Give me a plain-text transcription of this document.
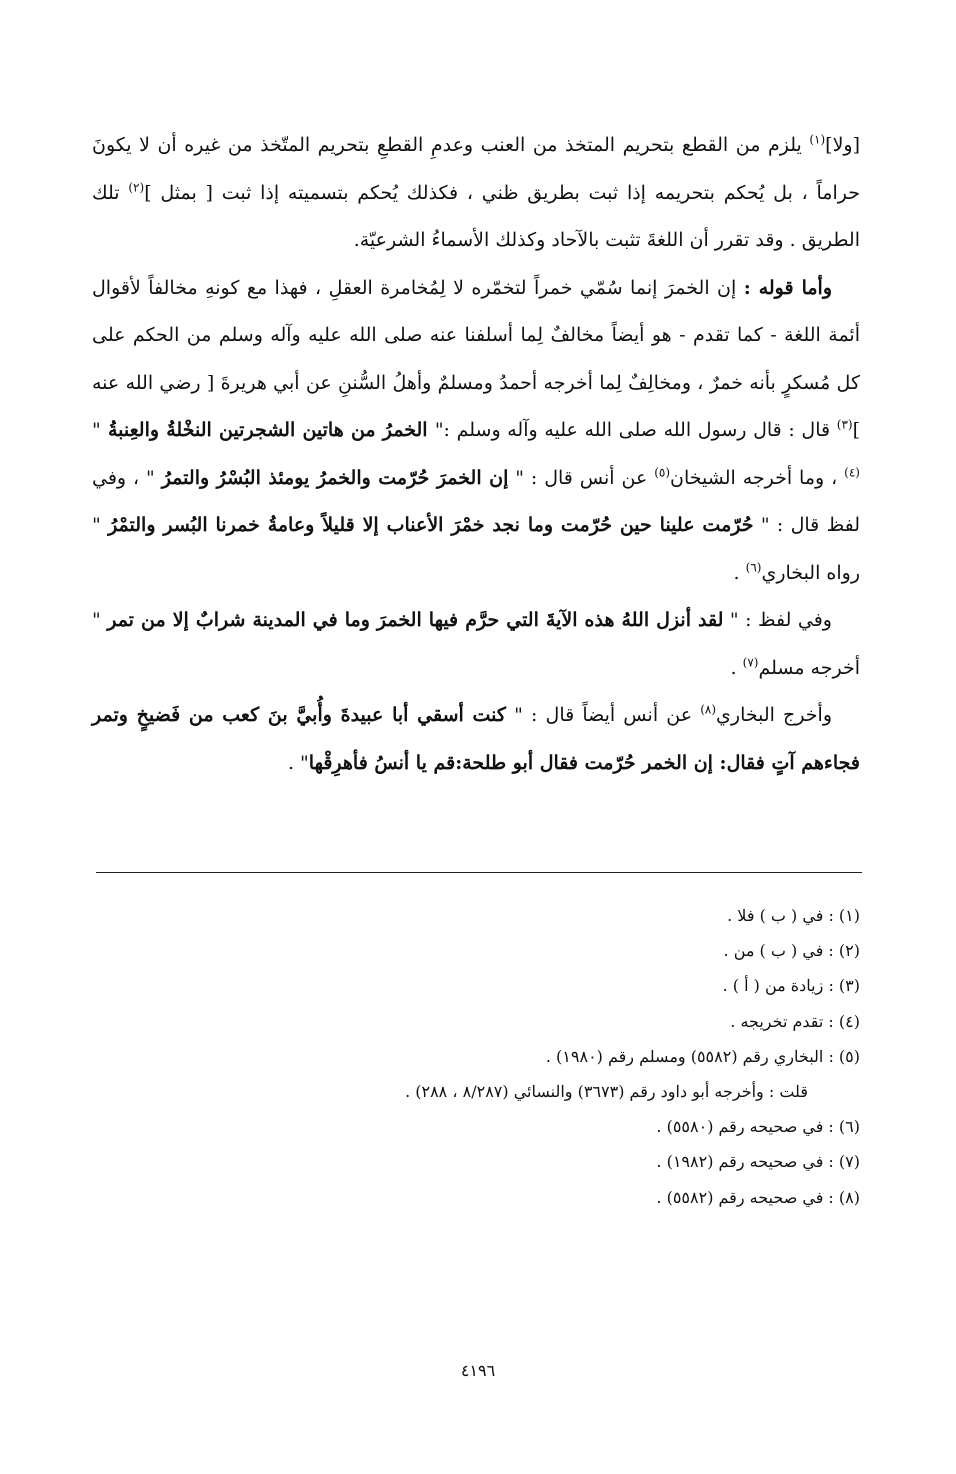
[ولا]$^{(١)}$ يلزم من القطع بتحريم المتخذ من العنب وعدمِ القطعِ بتحريم المتّخذ من غيره أن لا يكونَ حراماً ، بل يُحكم بتحريمه إذا ثبت بطريق ظني ، فكذلك يُحكم بتسميته إذا ثبت [ بمثل ]$^{(٢)}$ تلك الطريق . وقد تقرر أن اللغةَ تثبت بالآحاد وكذلك الأسماءُ الشرعيّة.

وأما قوله : إن الخمرَ إنما سُمّي خمراً لتخمّره لا لِمُخامرة العقلِ ، فهذا مع كونهِ مخالفاً لأقوال أئمة اللغة - كما تقدم - هو أيضاً مخالفٌ لِما أسلفنا عنه صلى الله عليه وآله وسلم من الحكم على كل مُسكرٍ بأنه خمرٌ ، ومخالِفٌ لِما أخرجه أحمدُ ومسلمٌ وأهلُ السُّننِ عن أبي هريرةَ [ رضي الله عنه ]$^{(٣)}$ قال : قال رسول الله صلى الله عليه وآله وسلم :" الخمرُ من هاتين الشجرتين النخْلةُ والعِنبةُ "$^{(٤)}$ ، وما أخرجه الشيخان$^{(٥)}$ عن أنس قال : " إن الخمرَ حُرّمت والخمرُ يومئذ البُسْرُ والتمرُ " ، وفي لفظ قال : " حُرّمت علينا حين حُرّمت وما نجد خمْرَ الأعناب إلا قليلاً وعامةُ خمرنا البُسر والتمْرُ " رواه البخاري$^{(٦)}$ .

وفي لفظ : " لقد أنزل اللهُ هذه الآيةَ التي حرَّم فيها الخمرَ وما في المدينة شرابٌ إلا من تمر " أخرجه مسلم$^{(٧)}$ .

وأخرج البخاري$^{(٨)}$ عن أنس أيضاً قال : " كنت أسقي أبا عبيدةَ وأُبيَّ بنَ كعب من فَضيخٍ وتمر فجاءهم آتٍ فقال: إن الخمر حُرّمت فقال أبو طلحة:قم يا أنسُ فأهرِقْها" .

(١) : في ( ب ) فلا .

(٢) : في ( ب ) من .

(٣) : زيادة من ( أ ) .

(٤) : تقدم تخريجه .

(٥) : البخاري رقم (٥٥٨٢) ومسلم رقم (١٩٨٠) .

قلت : وأخرجه أبو داود رقم (٣٦٧٣) والنسائي (٨/٢٨٧ ، ٢٨٨) .

(٦) : في صحيحه رقم (٥٥٨٠) .

(٧) : في صحيحه رقم (١٩٨٢) .

(٨) : في صحيحه رقم (٥٥٨٢) .

٤١٩٦
